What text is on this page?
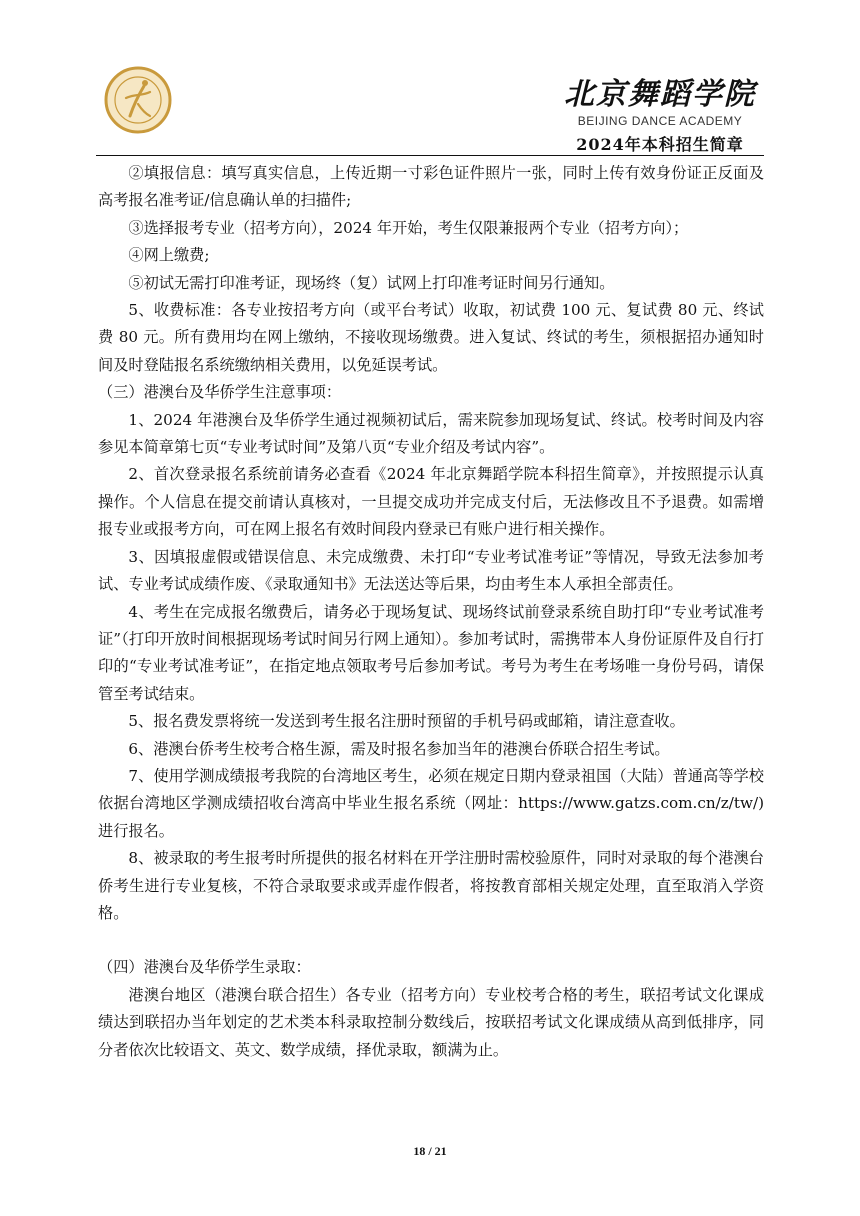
北京舞蹈学院
BEIJING DANCE ACADEMY
2024年本科招生简章

②填报信息：填写真实信息，上传近期一寸彩色证件照片一张，同时上传有效身份证正反面及高考报名准考证/信息确认单的扫描件;

③选择报考专业（招考方向），2024 年开始，考生仅限兼报两个专业（招考方向）；

④网上缴费;

⑤初试无需打印准考证，现场终（复）试网上打印准考证时间另行通知。

5、收费标准：各专业按招考方向（或平台考试）收取，初试费 100 元、复试费 80 元、终试费 80 元。所有费用均在网上缴纳，不接收现场缴费。进入复试、终试的考生，须根据招办通知时间及时登陆报名系统缴纳相关费用，以免延误考试。

（三）港澳台及华侨学生注意事项：

1、2024 年港澳台及华侨学生通过视频初试后，需来院参加现场复试、终试。校考时间及内容参见本简章第七页“专业考试时间”及第八页“专业介绍及考试内容”。

2、首次登录报名系统前请务必查看《2024 年北京舞蹈学院本科招生简章》，并按照提示认真操作。个人信息在提交前请认真核对，一旦提交成功并完成支付后，无法修改且不予退费。如需增报专业或报考方向，可在网上报名有效时间段内登录已有账户进行相关操作。

3、因填报虚假或错误信息、未完成缴费、未打印“专业考试准考证”等情况，导致无法参加考试、专业考试成绩作废、《录取通知书》无法送达等后果，均由考生本人承担全部责任。

4、考生在完成报名缴费后，请务必于现场复试、现场终试前登录系统自助打印“专业考试准考证”（打印开放时间根据现场考试时间另行网上通知）。参加考试时，需携带本人身份证原件及自行打印的“专业考试准考证”，在指定地点领取考号后参加考试。考号为考生在考场唯一身份号码，请保管至考试结束。

5、报名费发票将统一发送到考生报名注册时预留的手机号码或邮箱，请注意查收。

6、港澳台侨考生校考合格生源，需及时报名参加当年的港澳台侨联合招生考试。

7、使用学测成绩报考我院的台湾地区考生，必须在规定日期内登录祖国（大陆）普通高等学校依据台湾地区学测成绩招收台湾高中毕业生报名系统（网址：https://www.gatzs.com.cn/z/tw/)进行报名。

8、被录取的考生报考时所提供的报名材料在开学注册时需校验原件，同时对录取的每个港澳台侨考生进行专业复核，不符合录取要求或弄虚作假者，将按教育部相关规定处理，直至取消入学资格。

（四）港澳台及华侨学生录取：

港澳台地区（港澳台联合招生）各专业（招考方向）专业校考合格的考生，联招考试文化课成绩达到联招办当年划定的艺术类本科录取控制分数线后，按联招考试文化课成绩从高到低排序，同分者依次比较语文、英文、数学成绩，择优录取，额满为止。

18 / 21
